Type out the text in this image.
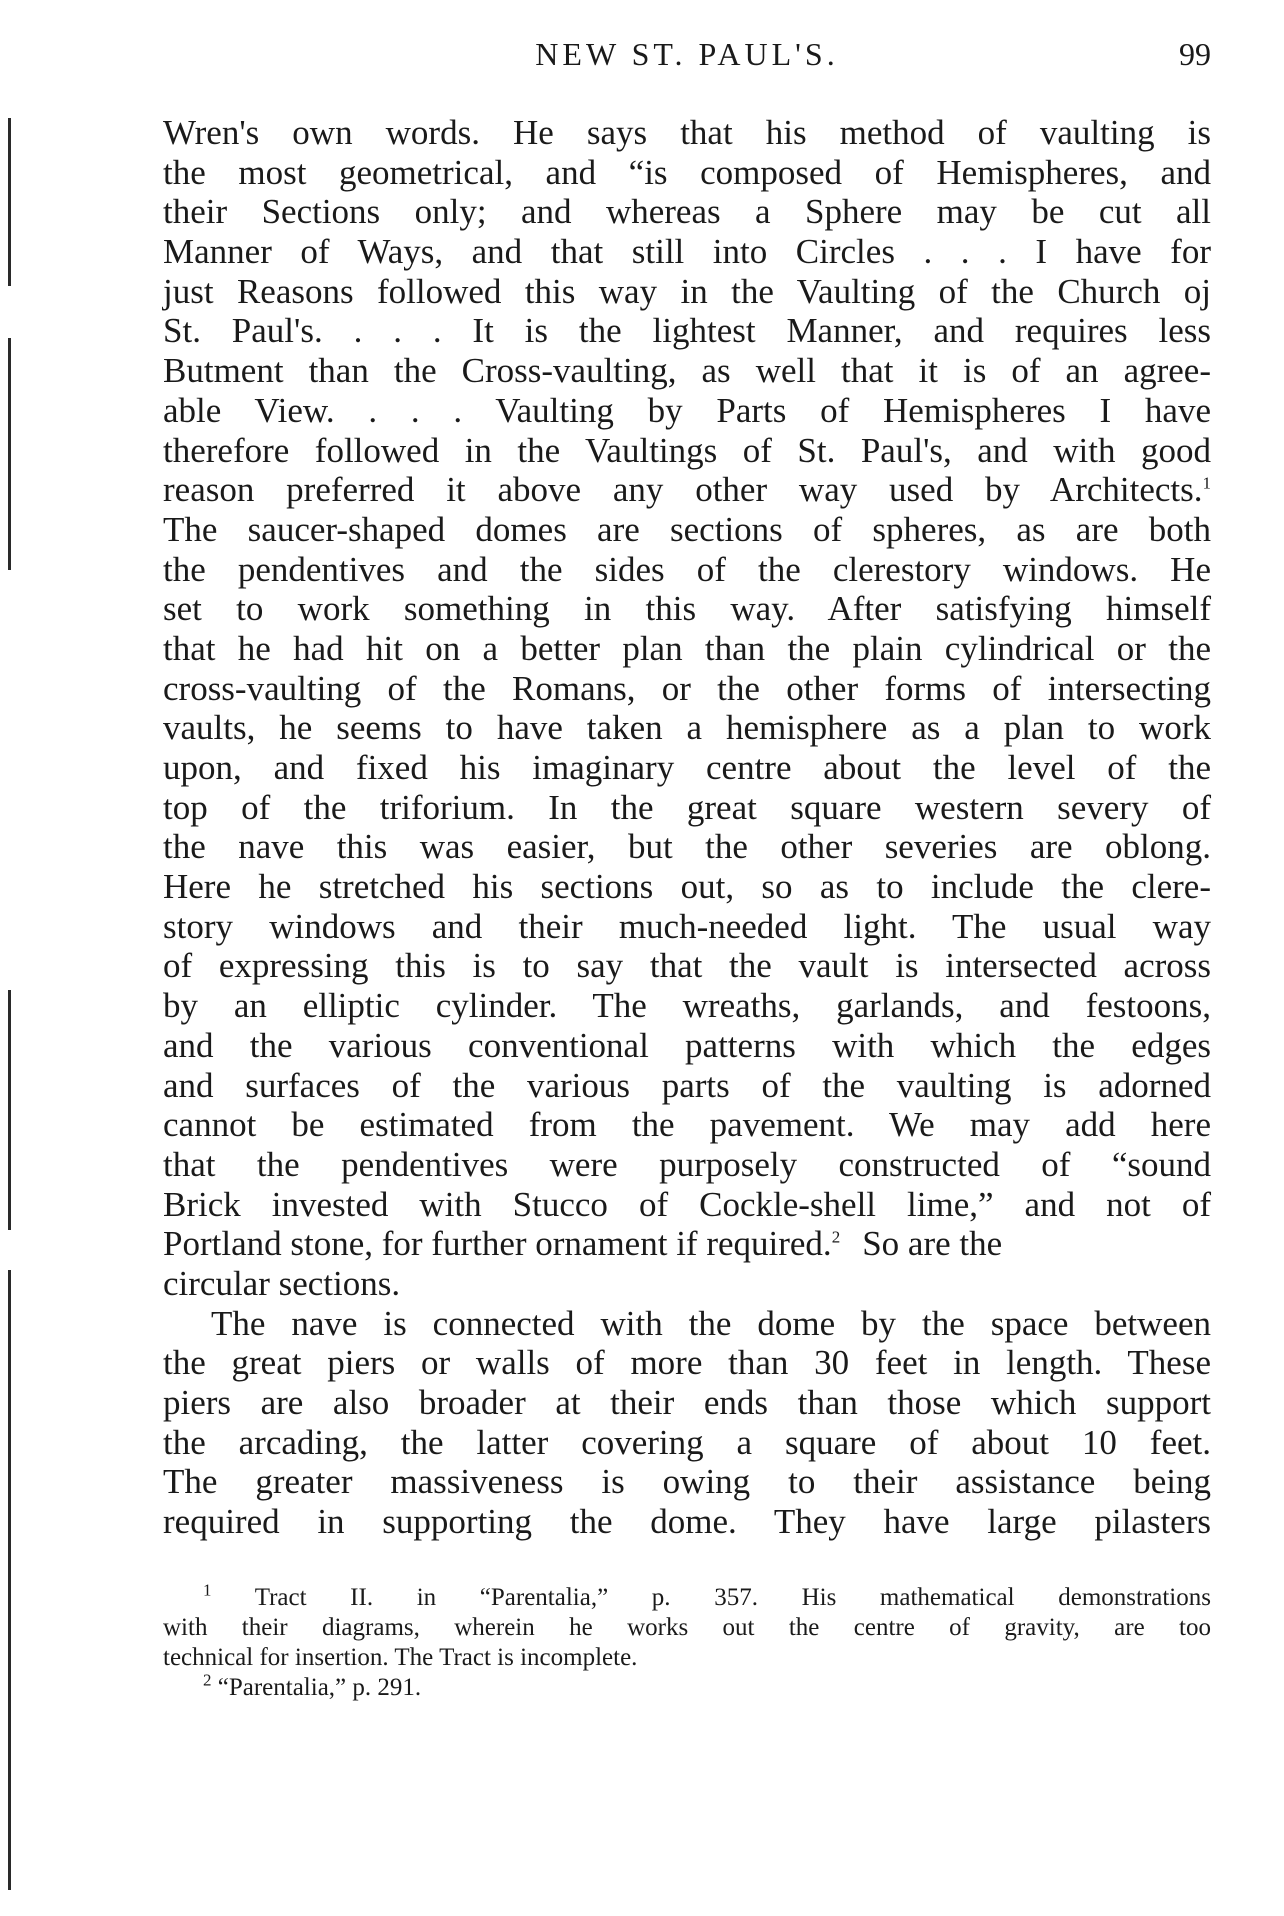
NEW ST. PAUL'S.	99
Wren's own words. He says that his method of vaulting is
the most geometrical, and “is composed of Hemispheres, and
their Sections only; and whereas a Sphere may be cut all
Manner of Ways, and that still into Circles . . . I have for
just Reasons followed this way in the Vaulting of the Church oj
St. Paul's. . . . It is the lightest Manner, and requires less
Butment than the Cross-vaulting, as well that it is of an agree-
able View. . . . Vaulting by Parts of Hemispheres I have
therefore followed in the Vaultings of St. Paul's, and with good
reason preferred it above any other way used by Architects.$^1$
The saucer-shaped domes are sections of spheres, as are both
the pendentives and the sides of the clerestory windows. He
set to work something in this way. After satisfying himself
that he had hit on a better plan than the plain cylindrical or the
cross-vaulting of the Romans, or the other forms of intersecting
vaults, he seems to have taken a hemisphere as a plan to work
upon, and fixed his imaginary centre about the level of the
top of the triforium. In the great square western severy of
the nave this was easier, but the other severies are oblong.
Here he stretched his sections out, so as to include the clere-
story windows and their much-needed light. The usual way
of expressing this is to say that the vault is intersected across
by an elliptic cylinder. The wreaths, garlands, and festoons,
and the various conventional patterns with which the edges
and surfaces of the various parts of the vaulting is adorned
cannot be estimated from the pavement. We may add here
that the pendentives were purposely constructed of “sound
Brick invested with Stucco of Cockle-shell lime,” and not of
Portland stone, for further ornament if required.$^2$ So are the
circular sections.
The nave is connected with the dome by the space between
the great piers or walls of more than 30 feet in length. These
piers are also broader at their ends than those which support
the arcading, the latter covering a square of about 10 feet.
The greater massiveness is owing to their assistance being
required in supporting the dome. They have large pilasters
$^1$ Tract II. in “Parentalia,” p. 357. His mathematical demonstrations
with their diagrams, wherein he works out the centre of gravity, are too
technical for insertion. The Tract is incomplete.
$^2$ “Parentalia,” p. 291.
